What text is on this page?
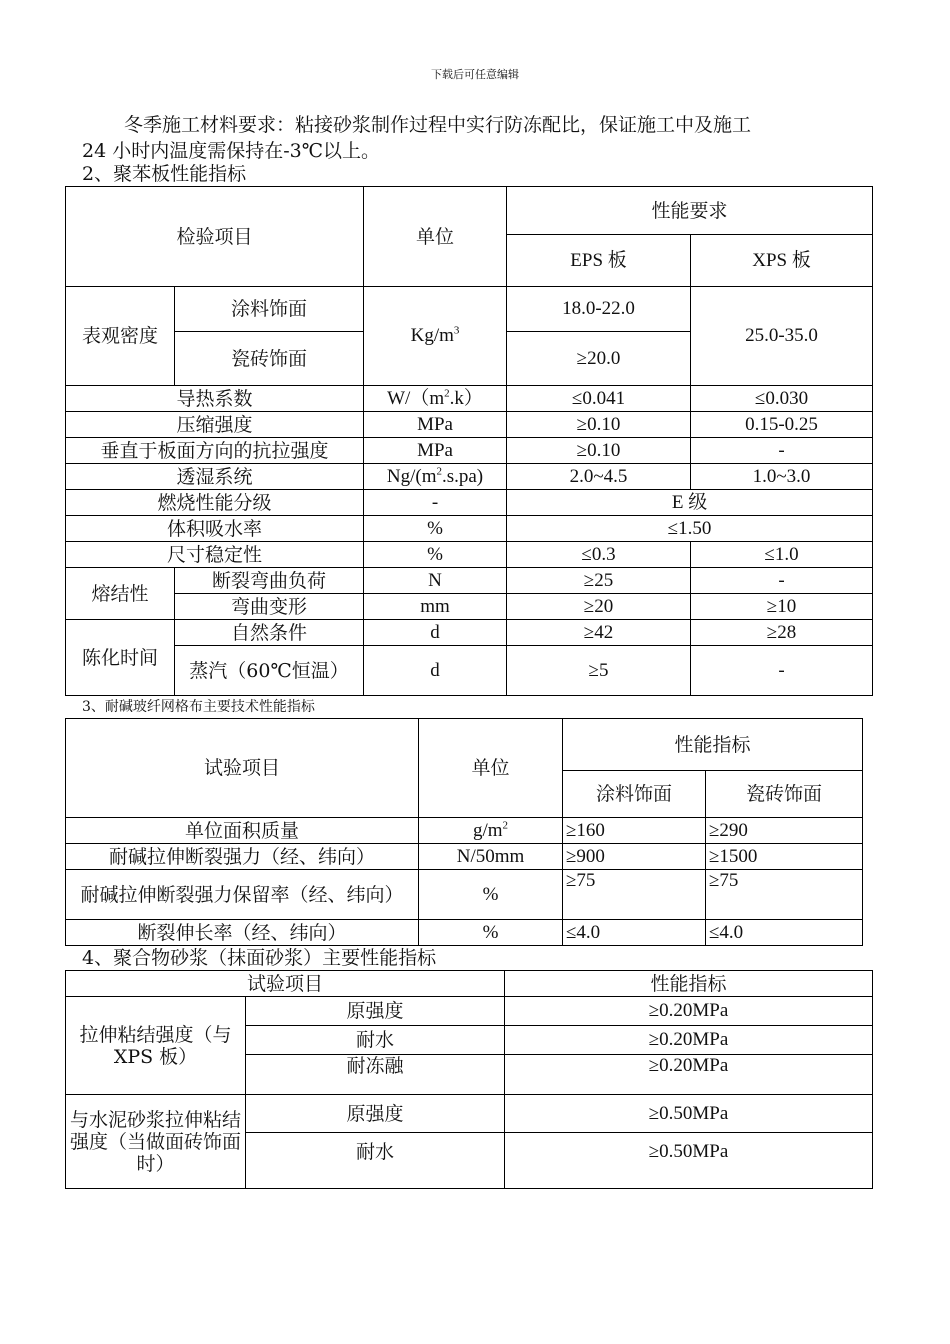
下载后可任意编辑
冬季施工材料要求：粘接砂浆制作过程中实行防冻配比，保证施工中及施工
24 小时内温度需保持在-3℃以上。
2、聚苯板性能指标
检验项目		单位	性能要求	
			EPS 板	XPS 板
表观密度	涂料饰面	$Kg/m^3$	18.0-22.0	25.0-35.0
	瓷砖饰面		≥20.0	
导热系数		$W/(m^2.k)$	≤0.041	≤0.030
压缩强度		MPa	≥0.10	0.15-0.25
垂直于板面方向的抗拉强度		MPa	≥0.10	-
透湿系统		$Ng/(m^2.s.pa)$	2.0~4.5	1.0~3.0
燃烧性能分级		-	E 级	
体积吸水率		%	≤1.50	
尺寸稳定性		%	≤0.3	≤1.0
熔结性	断裂弯曲负荷	N	≥25	-
	弯曲变形	mm	≥20	≥10
陈化时间	自然条件	d	≥42	≥28
	蒸汽（60℃恒温）	d	≥5	-
3、耐碱玻纤网格布主要技术性能指标
试验项目	单位	性能指标	
		涂料饰面	瓷砖饰面
单位面积质量	$g/m^2$	≥160	≥290
耐碱拉伸断裂强力（经、纬向）	N/50mm	≥900	≥1500
耐碱拉伸断裂强力保留率（经、纬向）	%	≥75	≥75
断裂伸长率（经、纬向）	%	≤4.0	≤4.0
4、聚合物砂浆（抹面砂浆）主要性能指标
试验项目		性能指标
拉伸粘结强度（与 XPS 板）	原强度	≥0.20MPa
	耐水	≥0.20MPa
	耐冻融	≥0.20MPa
与水泥砂浆拉伸粘结强度（当做面砖饰面时）	原强度	≥0.50MPa
	耐水	≥0.50MPa
